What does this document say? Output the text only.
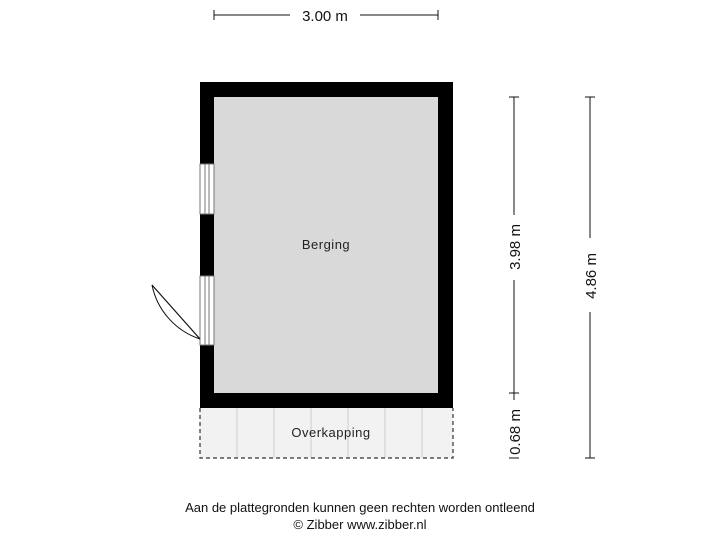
3.00 m
Overkapping
Berging	3.98 m
0.68 m
4.86 m
Aan de plattegronden kunnen geen rechten worden ontleend
© Zibber www.zibber.nl
